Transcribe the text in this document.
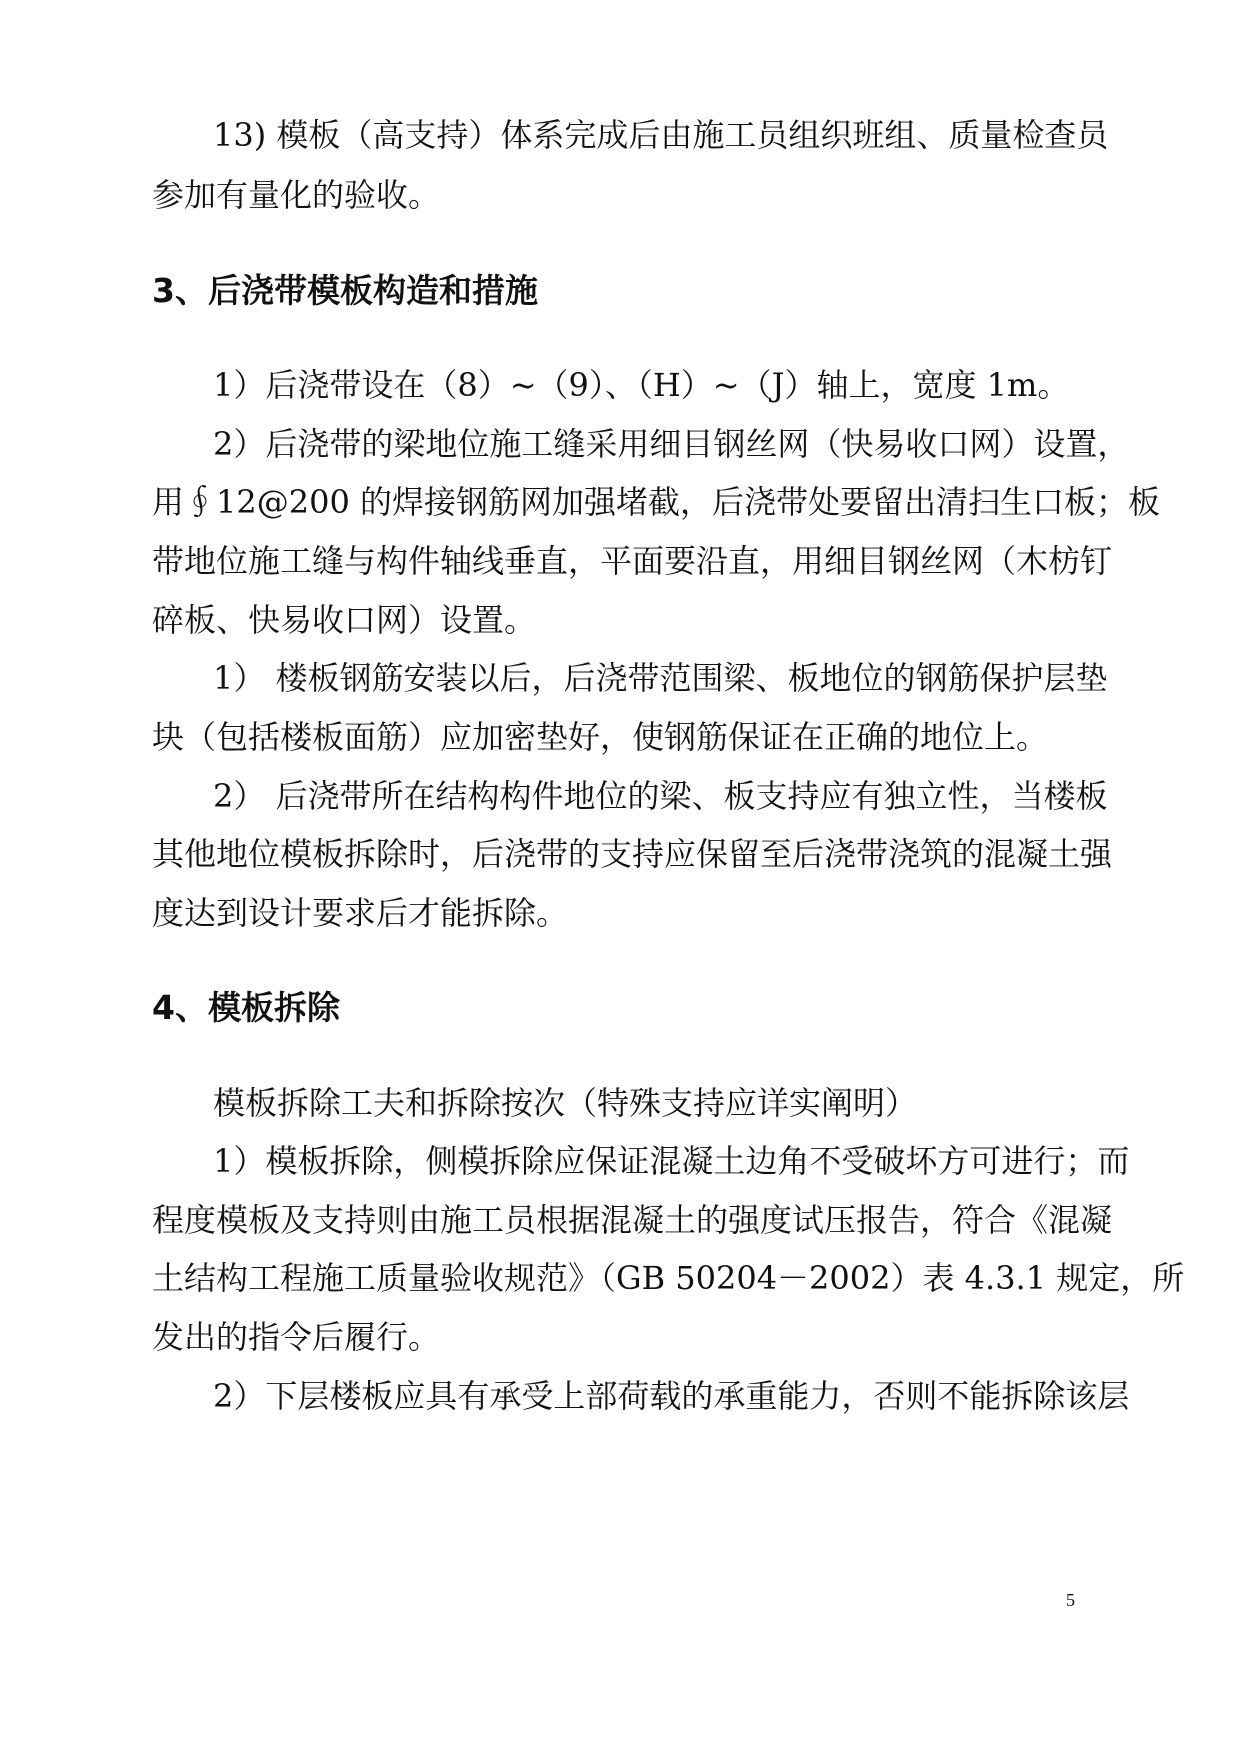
13) 模板（高支持）体系完成后由施工员组织班组、质量检查员
参加有量化的验收。
3、后浇带模板构造和措施
1）后浇带设在（8）~（9）、（H）~（J）轴上，宽度 1m。
2）后浇带的梁地位施工缝采用细目钢丝网（快易收口网）设置，
用∮12@200 的焊接钢筋网加强堵截，后浇带处要留出清扫生口板；板
带地位施工缝与构件轴线垂直，平面要沿直，用细目钢丝网（木枋钉
碎板、快易收口网）设置。
1） 楼板钢筋安装以后，后浇带范围梁、板地位的钢筋保护层垫
块（包括楼板面筋）应加密垫好，使钢筋保证在正确的地位上。
2） 后浇带所在结构构件地位的梁、板支持应有独立性，当楼板
其他地位模板拆除时，后浇带的支持应保留至后浇带浇筑的混凝土强
度达到设计要求后才能拆除。
4、模板拆除
模板拆除工夫和拆除按次（特殊支持应详实阐明）
1）模板拆除，侧模拆除应保证混凝土边角不受破坏方可进行；而
程度模板及支持则由施工员根据混凝土的强度试压报告，符合《混凝
土结构工程施工质量验收规范》（GB 50204－2002）表 4.3.1 规定，所
发出的指令后履行。
2）下层楼板应具有承受上部荷载的承重能力，否则不能拆除该层
5
